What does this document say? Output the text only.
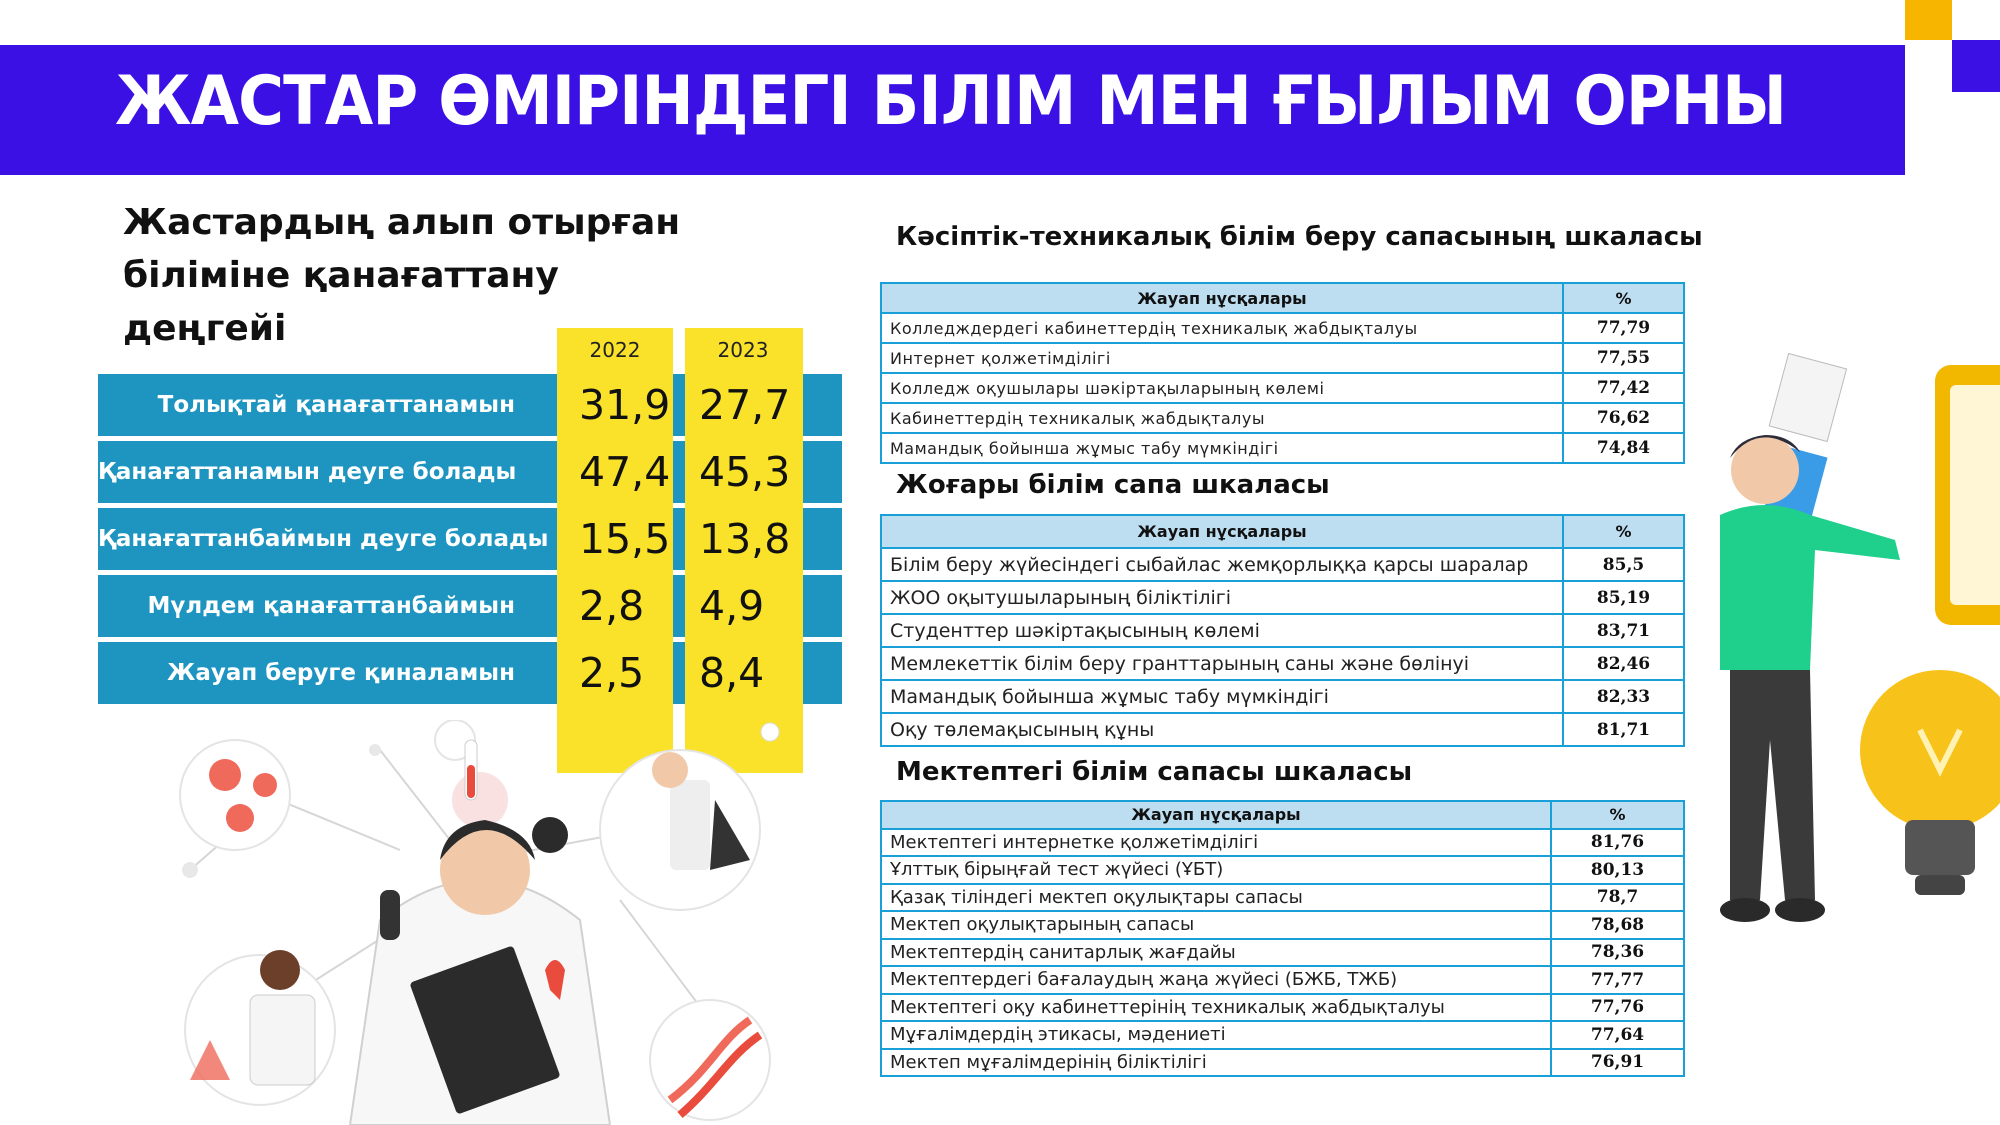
ЖАСТАР ӨМІРІНДЕГІ БІЛІМ МЕН ҒЫЛЫМ ОРНЫ
Жастардың алып отырған біліміне қанағаттану деңгейі
2022	2023
Толықтай қанағаттанамын	31,9 27,7
Қанағаттанамын деуге болады	47,4 45,3
Қанағаттанбаймын деуге болады 15,5 13,8
Мүлдем қанағаттанбаймын	2,8	4,9
Жауап беруге қиналамын	2,5	8,4
Кәсіптік-техникалық білім беру сапасының шкаласы
Жауап нұсқалары	%
Колледждердегі кабинеттердің техникалық жабдықталуы	77,79
Интернет қолжетімділігі	77,55
Колледж оқушылары шәкіртақыларының көлемі	77,42
Кабинеттердің техникалық жабдықталуы	76,62
Мамандық бойынша жұмыс табу мүмкіндігі	74,84
Жоғары білім сапа шкаласы
Жауап нұсқалары	%
Білім беру жүйесіндегі сыбайлас жемқорлыққа қарсы шаралар	85,5
ЖОО оқытушыларының біліктілігі	85,19
Студенттер шәкіртақысының көлемі	83,71
Мемлекеттік білім беру гранттарының саны және бөлінуі	82,46
Мамандық бойынша жұмыс табу мүмкіндігі	82,33
Оқу төлемақысының құны	81,71
Мектептегі білім сапасы шкаласы
Жауап нұсқалары	%
Мектептегі интернетке қолжетімділігі	81,76
Ұлттық бірыңғай тест жүйесі (ҰБТ)	80,13
Қазақ тіліндегі мектеп оқулықтары сапасы	78,7
Мектеп оқулықтарының сапасы	78,68
Мектептердің санитарлық жағдайы	78,36
Мектептердегі бағалаудың жаңа жүйесі (БЖБ, ТЖБ)	77,77
Мектептегі оқу кабинеттерінің техникалық жабдықталуы	77,76
Мұғалімдердің этикасы, мәдениеті	77,64
Мектеп мұғалімдерінің біліктілігі	76,91
